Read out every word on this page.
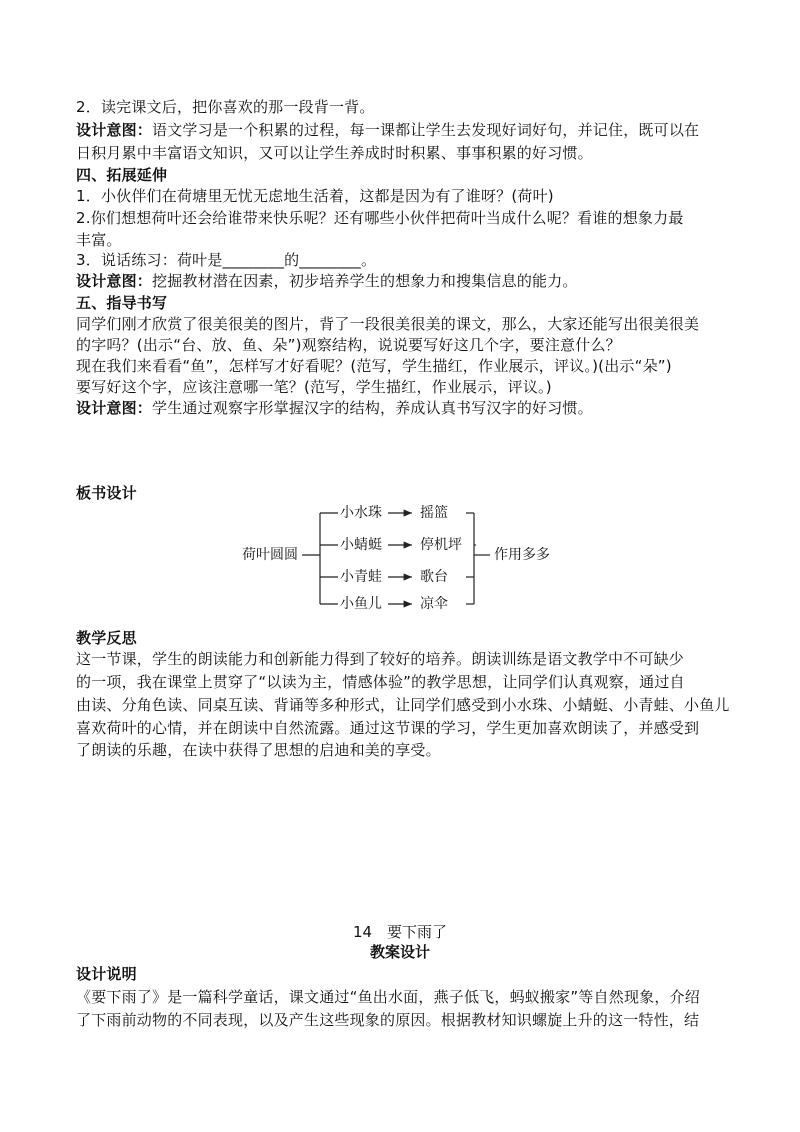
2．读完课文后，把你喜欢的那一段背一背。
设计意图：语文学习是一个积累的过程，每一课都让学生去发现好词好句，并记住，既可以在
日积月累中丰富语文知识，又可以让学生养成时时积累、事事积累的好习惯。
四、拓展延伸
1．小伙伴们在荷塘里无忧无虑地生活着，这都是因为有了谁呀？(荷叶)
2.你们想想荷叶还会给谁带来快乐呢？还有哪些小伙伴把荷叶当成什么呢？看谁的想象力最
丰富。
3．说话练习：荷叶是________的________。
设计意图：挖掘教材潜在因素，初步培养学生的想象力和搜集信息的能力。
五、指导书写
同学们刚才欣赏了很美很美的图片，背了一段很美很美的课文，那么，大家还能写出很美很美
的字吗？(出示“台、放、鱼、朵”)观察结构，说说要写好这几个字，要注意什么？
现在我们来看看“鱼”，怎样写才好看呢？(范写，学生描红，作业展示，评议。)(出示“朵”)
要写好这个字，应该注意哪一笔？(范写，学生描红，作业展示，评议。)
设计意图：学生通过观察字形掌握汉字的结构，养成认真书写汉字的好习惯。
板书设计
荷叶圆圆
小水珠	摇篮
小蜻蜓	停机坪
小青蛙	歌台
小鱼儿	凉伞
作用多多
教学反思
这一节课，学生的朗读能力和创新能力得到了较好的培养。朗读训练是语文教学中不可缺少
的一项，我在课堂上贯穿了“以读为主，情感体验”的教学思想，让同学们认真观察，通过自
由读、分角色读、同桌互读、背诵等多种形式，让同学们感受到小水珠、小蜻蜓、小青蛙、小鱼儿
喜欢荷叶的心情，并在朗读中自然流露。通过这节课的学习，学生更加喜欢朗读了，并感受到
了朗读的乐趣，在读中获得了思想的启迪和美的享受。
14　要下雨了
教案设计
设计说明
《要下雨了》是一篇科学童话，课文通过“鱼出水面，燕子低飞，蚂蚁搬家”等自然现象，介绍
了下雨前动物的不同表现，以及产生这些现象的原因。根据教材知识螺旋上升的这一特性，结
